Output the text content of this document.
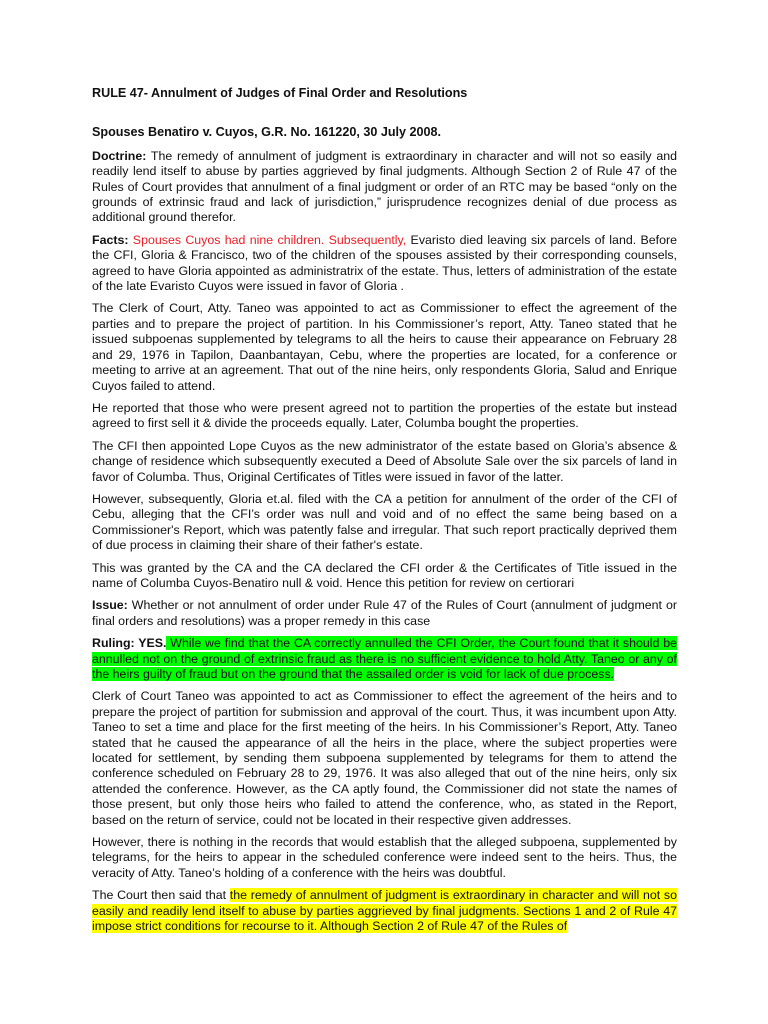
RULE 47- Annulment of Judges of Final Order and Resolutions
Spouses Benatiro v. Cuyos, G.R. No. 161220, 30 July 2008.

Doctrine: The remedy of annulment of judgment is extraordinary in character and will not so easily and readily lend itself to abuse by parties aggrieved by final judgments. Although Section 2 of Rule 47 of the Rules of Court provides that annulment of a final judgment or order of an RTC may be based “only on the grounds of extrinsic fraud and lack of jurisdiction,” jurisprudence recognizes denial of due process as additional ground therefor.

Facts: Spouses Cuyos had nine children. Subsequently, Evaristo died leaving six parcels of land. Before the CFI, Gloria & Francisco, two of the children of the spouses assisted by their corresponding counsels, agreed to have Gloria appointed as administratrix of the estate. Thus, letters of administration of the estate of the late Evaristo Cuyos were issued in favor of Gloria .

The Clerk of Court, Atty. Taneo was appointed to act as Commissioner to effect the agreement of the parties and to prepare the project of partition. In his Commissioner’s report, Atty. Taneo stated that he issued subpoenas supplemented by telegrams to all the heirs to cause their appearance on February 28 and 29, 1976 in Tapilon, Daanbantayan, Cebu, where the properties are located, for a conference or meeting to arrive at an agreement. That out of the nine heirs, only respondents Gloria, Salud and Enrique Cuyos failed to attend.

He reported that those who were present agreed not to partition the properties of the estate but instead agreed to first sell it & divide the proceeds equally. Later, Columba bought the properties.

The CFI then appointed Lope Cuyos as the new administrator of the estate based on Gloria’s absence & change of residence which subsequently executed a Deed of Absolute Sale over the six parcels of land in favor of Columba. Thus, Original Certificates of Titles were issued in favor of the latter.

However, subsequently, Gloria et.al. filed with the CA a petition for annulment of the order of the CFI of Cebu, alleging that the CFI’s order was null and void and of no effect the same being based on a Commissioner's Report, which was patently false and irregular. That such report practically deprived them of due process in claiming their share of their father's estate.

This was granted by the CA and the CA declared the CFI order & the Certificates of Title issued in the name of Columba Cuyos-Benatiro null & void. Hence this petition for review on certiorari

Issue: Whether or not annulment of order under Rule 47 of the Rules of Court (annulment of judgment or final orders and resolutions) was a proper remedy in this case

Ruling: YES. While we find that the CA correctly annulled the CFI Order, the Court found that it should be annulled not on the ground of extrinsic fraud as there is no sufficient evidence to hold Atty. Taneo or any of the heirs guilty of fraud but on the ground that the assailed order is void for lack of due process.

Clerk of Court Taneo was appointed to act as Commissioner to effect the agreement of the heirs and to prepare the project of partition for submission and approval of the court. Thus, it was incumbent upon Atty. Taneo to set a time and place for the first meeting of the heirs. In his Commissioner’s Report, Atty. Taneo stated that he caused the appearance of all the heirs in the place, where the subject properties were located for settlement, by sending them subpoena supplemented by telegrams for them to attend the conference scheduled on February 28 to 29, 1976. It was also alleged that out of the nine heirs, only six attended the conference. However, as the CA aptly found, the Commissioner did not state the names of those present, but only those heirs who failed to attend the conference, who, as stated in the Report, based on the return of service, could not be located in their respective given addresses.

However, there is nothing in the records that would establish that the alleged subpoena, supplemented by telegrams, for the heirs to appear in the scheduled conference were indeed sent to the heirs. Thus, the veracity of Atty. Taneo’s holding of a conference with the heirs was doubtful.

The Court then said that the remedy of annulment of judgment is extraordinary in character and will not so easily and readily lend itself to abuse by parties aggrieved by final judgments. Sections 1 and 2 of Rule 47 impose strict conditions for recourse to it. Although Section 2 of Rule 47 of the Rules of
